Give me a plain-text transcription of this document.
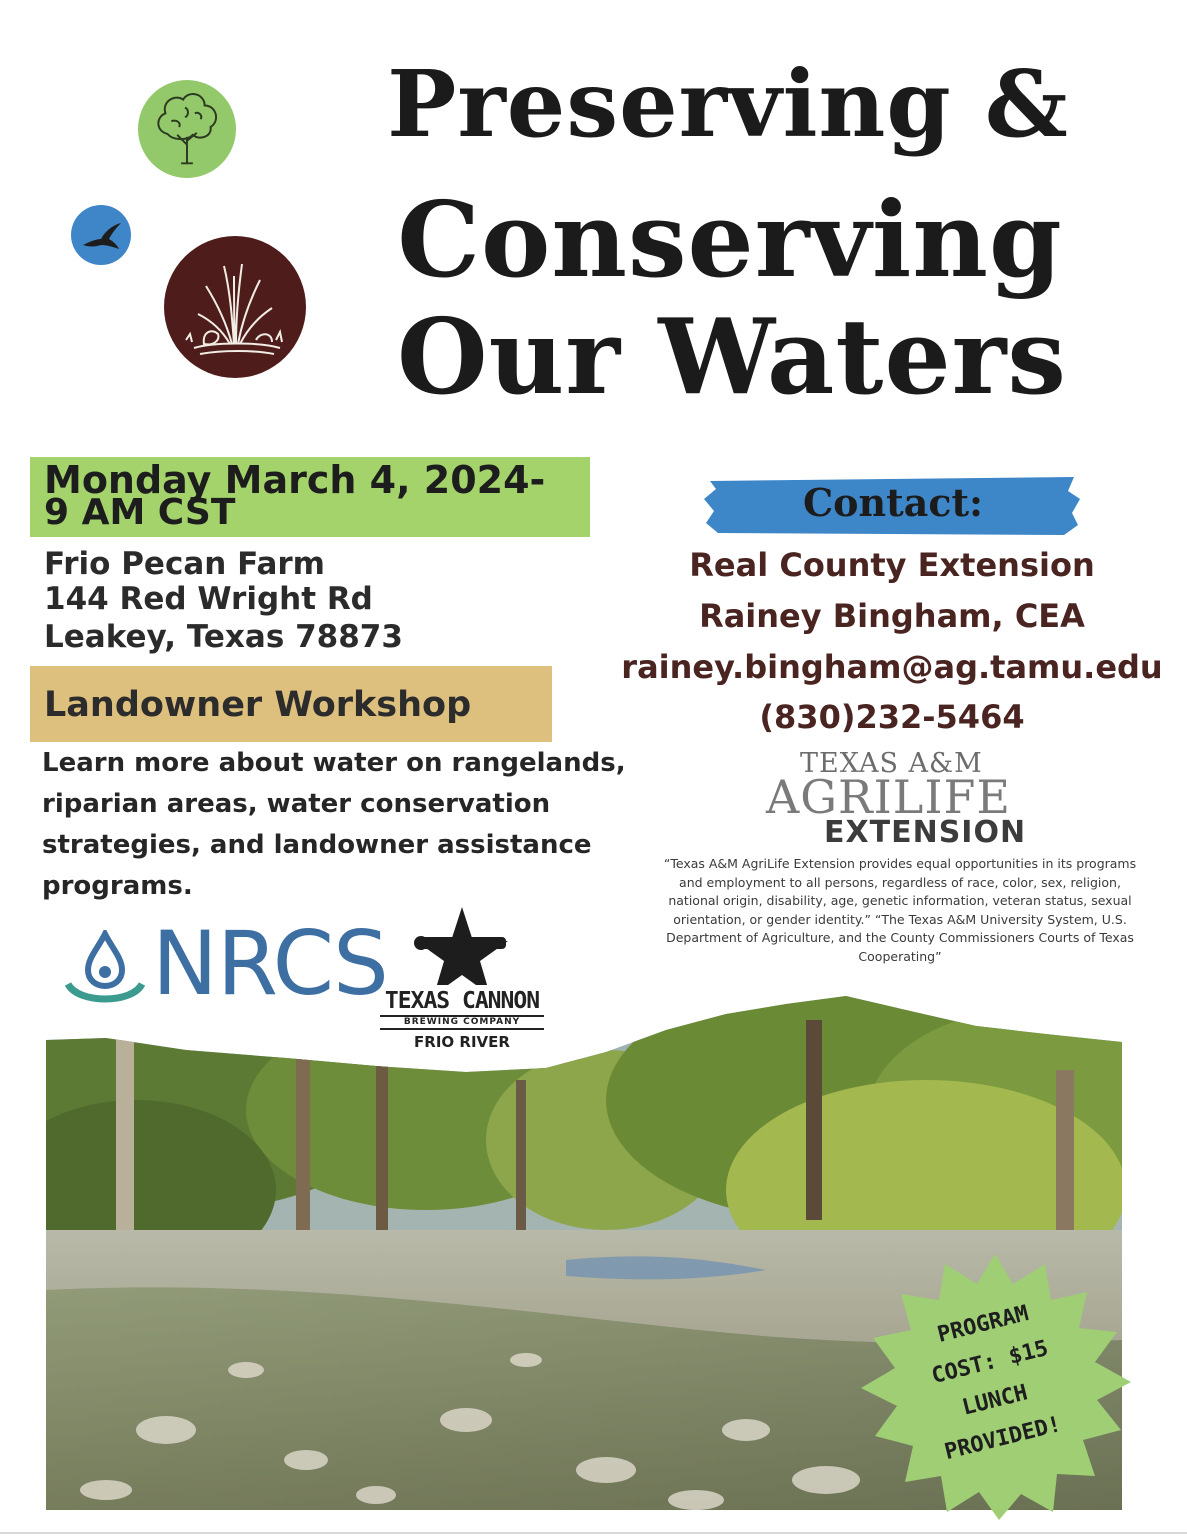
Preserving &
Conserving
Our Waters
Monday March 4, 2024-
9 AM CST
Frio Pecan Farm
144 Red Wright Rd
Leakey, Texas 78873
Landowner Workshop
Learn more about water on rangelands, riparian areas, water conservation strategies, and landowner assistance programs.
NRCS
TEXAS CANNON
BREWING COMPANY
FRIO RIVER
Contact:
Real County Extension
Rainey Bingham, CEA
rainey.bingham@ag.tamu.edu
(830)232-5464
TEXAS A&M
AGRILIFE
EXTENSION
“Texas A&M AgriLife Extension provides equal opportunities in its programs and employment to all persons, regardless of race, color, sex, religion, national origin, disability, age, genetic information, veteran status, sexual orientation, or gender identity.” “The Texas A&M University System, U.S. Department of Agriculture, and the County Commissioners Courts of Texas Cooperating”
PROGRAM
COST: $15
LUNCH
PROVIDED!
